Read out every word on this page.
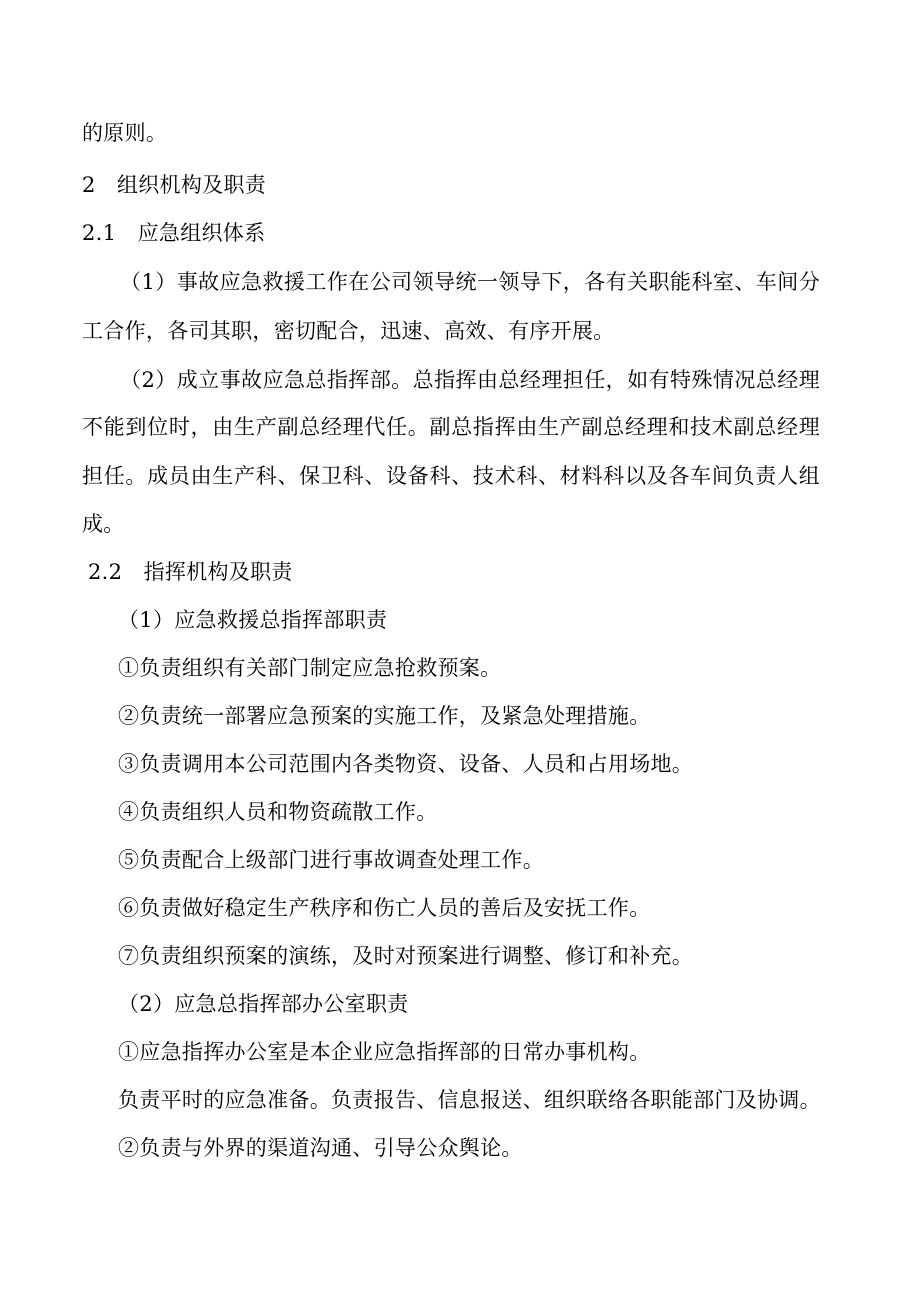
的原则。
2　组织机构及职责
2.1　应急组织体系
（1）事故应急救援工作在公司领导统一领导下，各有关职能科室、车间分
工合作，各司其职，密切配合，迅速、高效、有序开展。
（2）成立事故应急总指挥部。总指挥由总经理担任，如有特殊情况总经理
不能到位时，由生产副总经理代任。副总指挥由生产副总经理和技术副总经理
担任。成员由生产科、保卫科、设备科、技术科、材料科以及各车间负责人组
成。
2.2　指挥机构及职责
（1）应急救援总指挥部职责
①负责组织有关部门制定应急抢救预案。
②负责统一部署应急预案的实施工作，及紧急处理措施。
③负责调用本公司范围内各类物资、设备、人员和占用场地。
④负责组织人员和物资疏散工作。
⑤负责配合上级部门进行事故调查处理工作。
⑥负责做好稳定生产秩序和伤亡人员的善后及安抚工作。
⑦负责组织预案的演练，及时对预案进行调整、修订和补充。
（2）应急总指挥部办公室职责
①应急指挥办公室是本企业应急指挥部的日常办事机构。
负责平时的应急准备。负责报告、信息报送、组织联络各职能部门及协调。
②负责与外界的渠道沟通、引导公众舆论。
